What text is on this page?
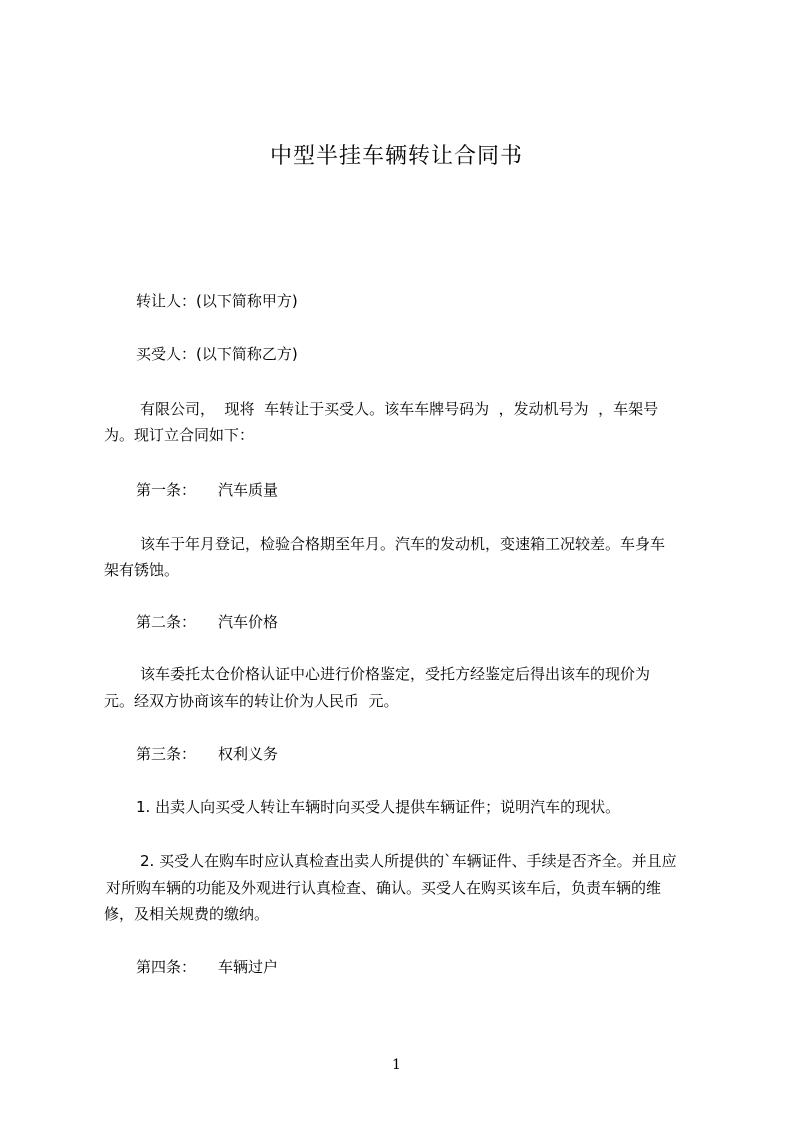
中型半挂车辆转让合同书
转让人：(以下简称甲方)
买受人：(以下简称乙方)
有限公司，  现将  车转让于买受人。该车车牌号码为  ，发动机号为  ，车架号
为。现订立合同如下：
第一条： 汽车质量
该车于年月登记，检验合格期至年月。汽车的发动机，变速箱工况较差。车身车
架有锈蚀。
第二条： 汽车价格
该车委托太仓价格认证中心进行价格鉴定，受托方经鉴定后得出该车的现价为
元。经双方协商该车的转让价为人民币  元。
第三条： 权利义务
1. 出卖人向买受人转让车辆时向买受人提供车辆证件；说明汽车的现状。
2. 买受人在购车时应认真检查出卖人所提供的`车辆证件、手续是否齐全。并且应
对所购车辆的功能及外观进行认真检查、确认。买受人在购买该车后，负责车辆的维
修，及相关规费的缴纳。
第四条： 车辆过户
1
